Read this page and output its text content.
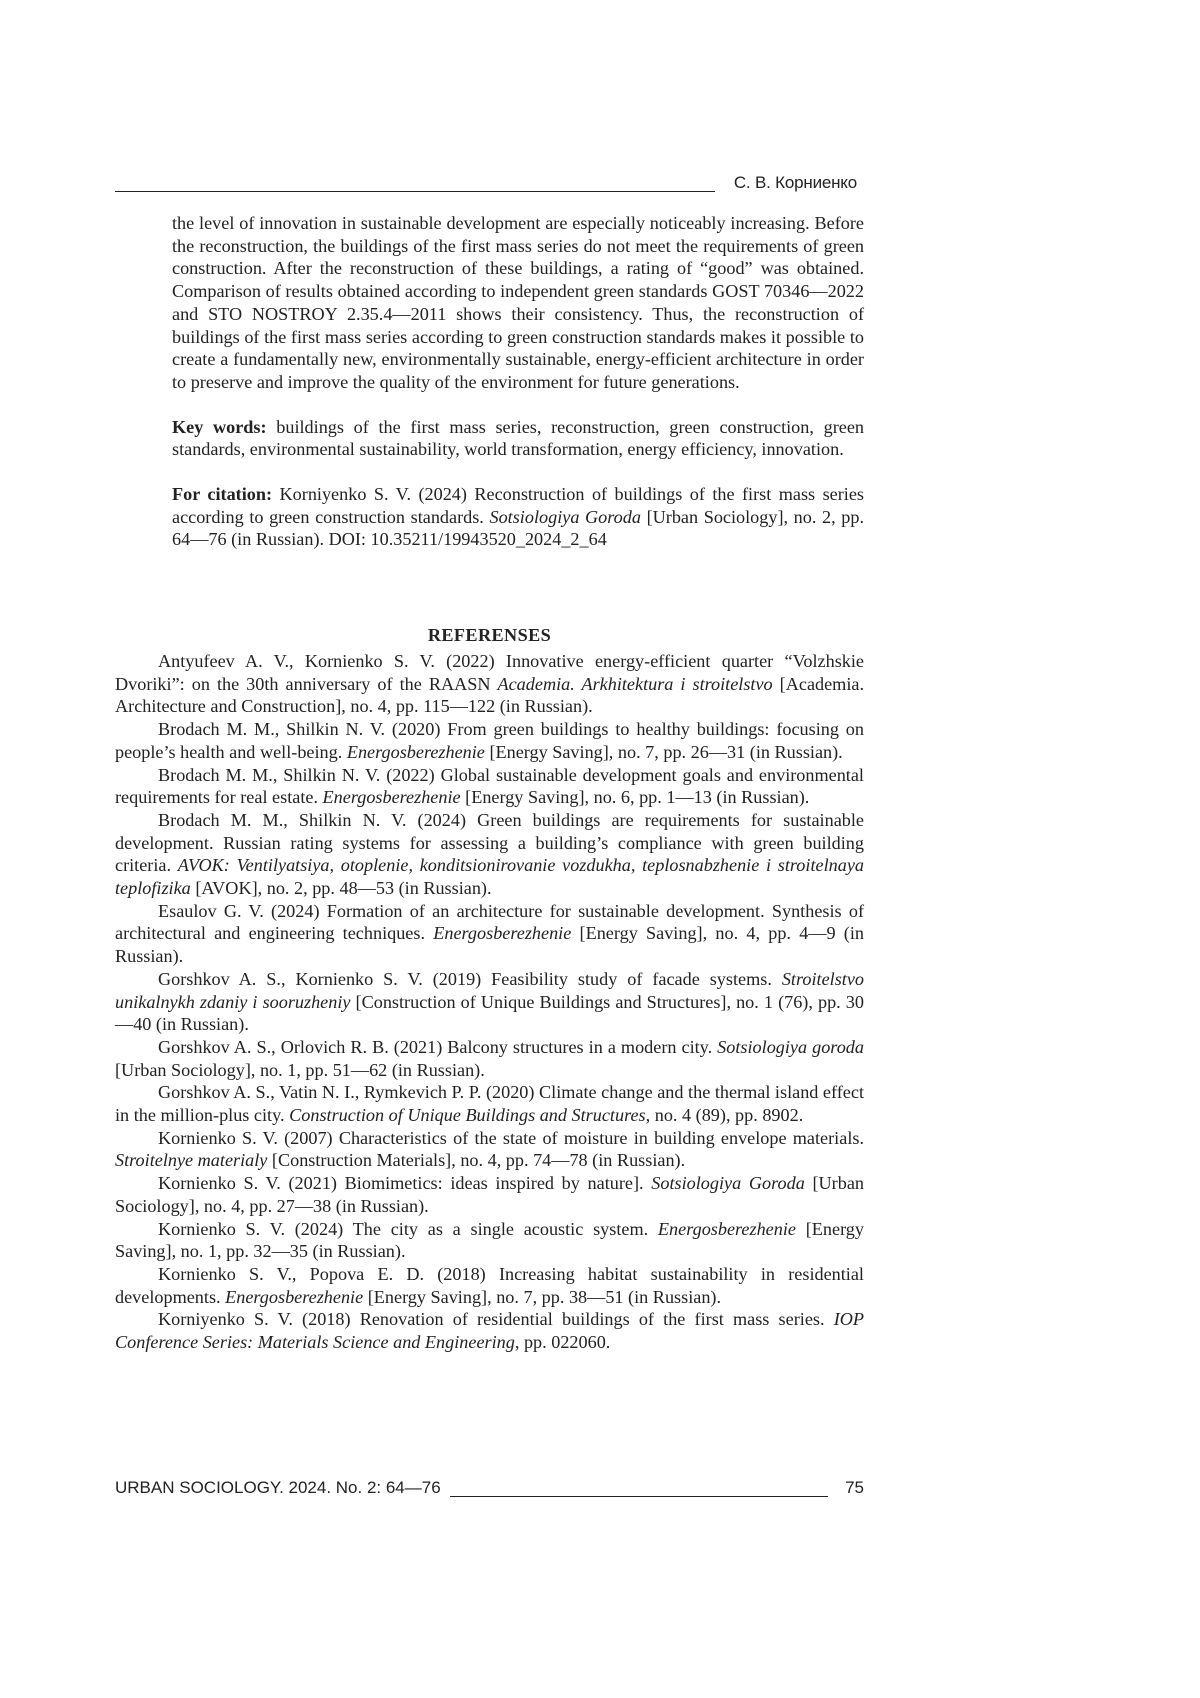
С. В. Корниенко

the level of innovation in sustainable development are especially noticeably increasing. Before the reconstruction, the buildings of the first mass series do not meet the requirements of green construction. After the reconstruction of these buildings, a rating of “good” was obtained. Comparison of results obtained according to independent green standards GOST 70346—2022 and STO NOSTROY 2.35.4—2011 shows their consistency. Thus, the reconstruction of buildings of the first mass series according to green construction standards makes it possible to create a fundamentally new, environmentally sustainable, energy-efficient architecture in order to preserve and improve the quality of the environment for future generations.

Key words: buildings of the first mass series, reconstruction, green construction, green standards, environmental sustainability, world transformation, energy efficiency, innovation.

For citation: Korniyenko S. V. (2024) Reconstruction of buildings of the first mass series according to green construction standards. Sotsiologiya Goroda [Urban Sociology], no. 2, pp. 64—76 (in Russian). DOI: 10.35211/19943520_2024_2_64

REFERENSES

Antyufeev A. V., Kornienko S. V. (2022) Innovative energy-efficient quarter “Volzhskie Dvoriki”: on the 30th anniversary of the RAASN Academia. Arkhitektura i stroitelstvo [Academia. Architecture and Construction], no. 4, pp. 115—122 (in Russian).

Brodach M. M., Shilkin N. V. (2020) From green buildings to healthy buildings: focusing on people’s health and well-being. Energosberezhenie [Energy Saving], no. 7, pp. 26—31 (in Russian).

Brodach M. M., Shilkin N. V. (2022) Global sustainable development goals and environmental requirements for real estate. Energosberezhenie [Energy Saving], no. 6, pp. 1—13 (in Russian).

Brodach M. M., Shilkin N. V. (2024) Green buildings are requirements for sustainable development. Russian rating systems for assessing a building’s compliance with green building criteria. AVOK: Ventilyatsiya, otoplenie, konditsionirovanie vozdukha, teplosnabzhenie i stroitelnaya teplofizika [AVOK], no. 2, pp. 48—53 (in Russian).

Esaulov G. V. (2024) Formation of an architecture for sustainable development. Synthesis of architectural and engineering techniques. Energosberezhenie [Energy Saving], no. 4, pp. 4—9 (in Russian).

Gorshkov A. S., Kornienko S. V. (2019) Feasibility study of facade systems. Stroitelstvo unikalnykh zdaniy i sooruzheniy [Construction of Unique Buildings and Structures], no. 1 (76), pp. 30—40 (in Russian).

Gorshkov A. S., Orlovich R. B. (2021) Balcony structures in a modern city. Sotsiologiya goroda [Urban Sociology], no. 1, pp. 51—62 (in Russian).

Gorshkov A. S., Vatin N. I., Rymkevich P. P. (2020) Climate change and the thermal island effect in the million-plus city. Construction of Unique Buildings and Structures, no. 4 (89), pp. 8902.

Kornienko S. V. (2007) Characteristics of the state of moisture in building envelope materials. Stroitelnye materialy [Construction Materials], no. 4, pp. 74—78 (in Russian).

Kornienko S. V. (2021) Biomimetics: ideas inspired by nature]. Sotsiologiya Goroda [Urban Sociology], no. 4, pp. 27—38 (in Russian).

Kornienko S. V. (2024) The city as a single acoustic system. Energosberezhenie [Energy Saving], no. 1, pp. 32—35 (in Russian).

Kornienko S. V., Popova E. D. (2018) Increasing habitat sustainability in residential developments. Energosberezhenie [Energy Saving], no. 7, pp. 38—51 (in Russian).

Korniyenko S. V. (2018) Renovation of residential buildings of the first mass series. IOP Conference Series: Materials Science and Engineering, pp. 022060.

URBAN SOCIOLOGY. 2024. No. 2: 64—76	75
